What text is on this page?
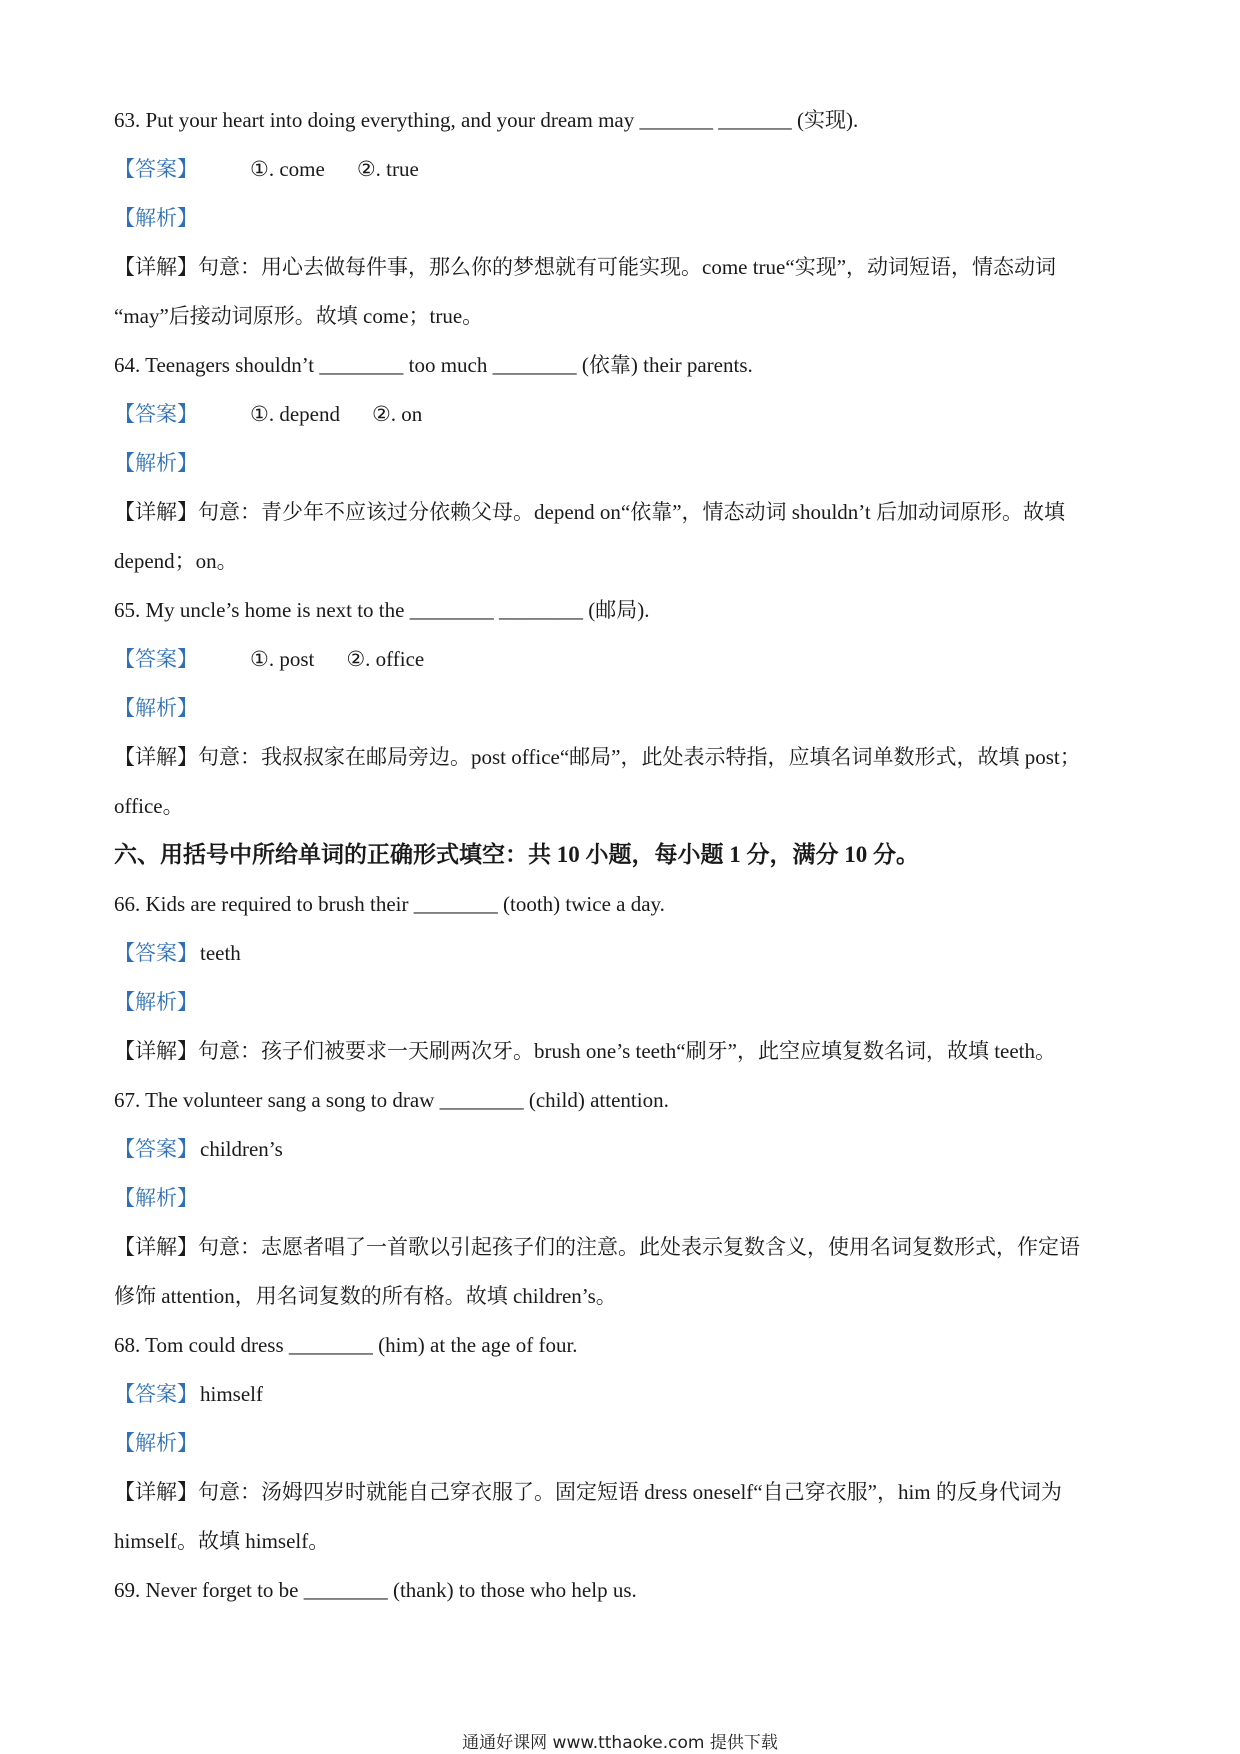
63. Put your heart into doing everything, and your dream may _______ _______ (实现).
【答案】 ①. come ②. true
【解析】
【详解】句意：用心去做每件事，那么你的梦想就有可能实现。come true“实现”，动词短语，情态动词
“may”后接动词原形。故填 come；true。
64. Teenagers shouldn’t ________ too much ________ (依靠) their parents.
【答案】 ①. depend ②. on
【解析】
【详解】句意：青少年不应该过分依赖父母。depend on“依靠”，情态动词 shouldn’t 后加动词原形。故填
depend；on。
65. My uncle’s home is next to the ________ ________ (邮局).
【答案】 ①. post ②. office
【解析】
【详解】句意：我叔叔家在邮局旁边。post office“邮局”，此处表示特指，应填名词单数形式，故填 post；
office。
六、用括号中所给单词的正确形式填空：共 10 小题，每小题 1 分，满分 10 分。
66. Kids are required to brush their ________ (tooth) twice a day.
【答案】teeth
【解析】
【详解】句意：孩子们被要求一天刷两次牙。brush one’s teeth“刷牙”，此空应填复数名词，故填 teeth。
67. The volunteer sang a song to draw ________ (child) attention.
【答案】children’s
【解析】
【详解】句意：志愿者唱了一首歌以引起孩子们的注意。此处表示复数含义，使用名词复数形式，作定语
修饰 attention，用名词复数的所有格。故填 children’s。
68. Tom could dress ________ (him) at the age of four.
【答案】himself
【解析】
【详解】句意：汤姆四岁时就能自己穿衣服了。固定短语 dress oneself“自己穿衣服”，him 的反身代词为
himself。故填 himself。
69. Never forget to be ________ (thank) to those who help us.
通通好课网 www.tthaoke.com 提供下载
